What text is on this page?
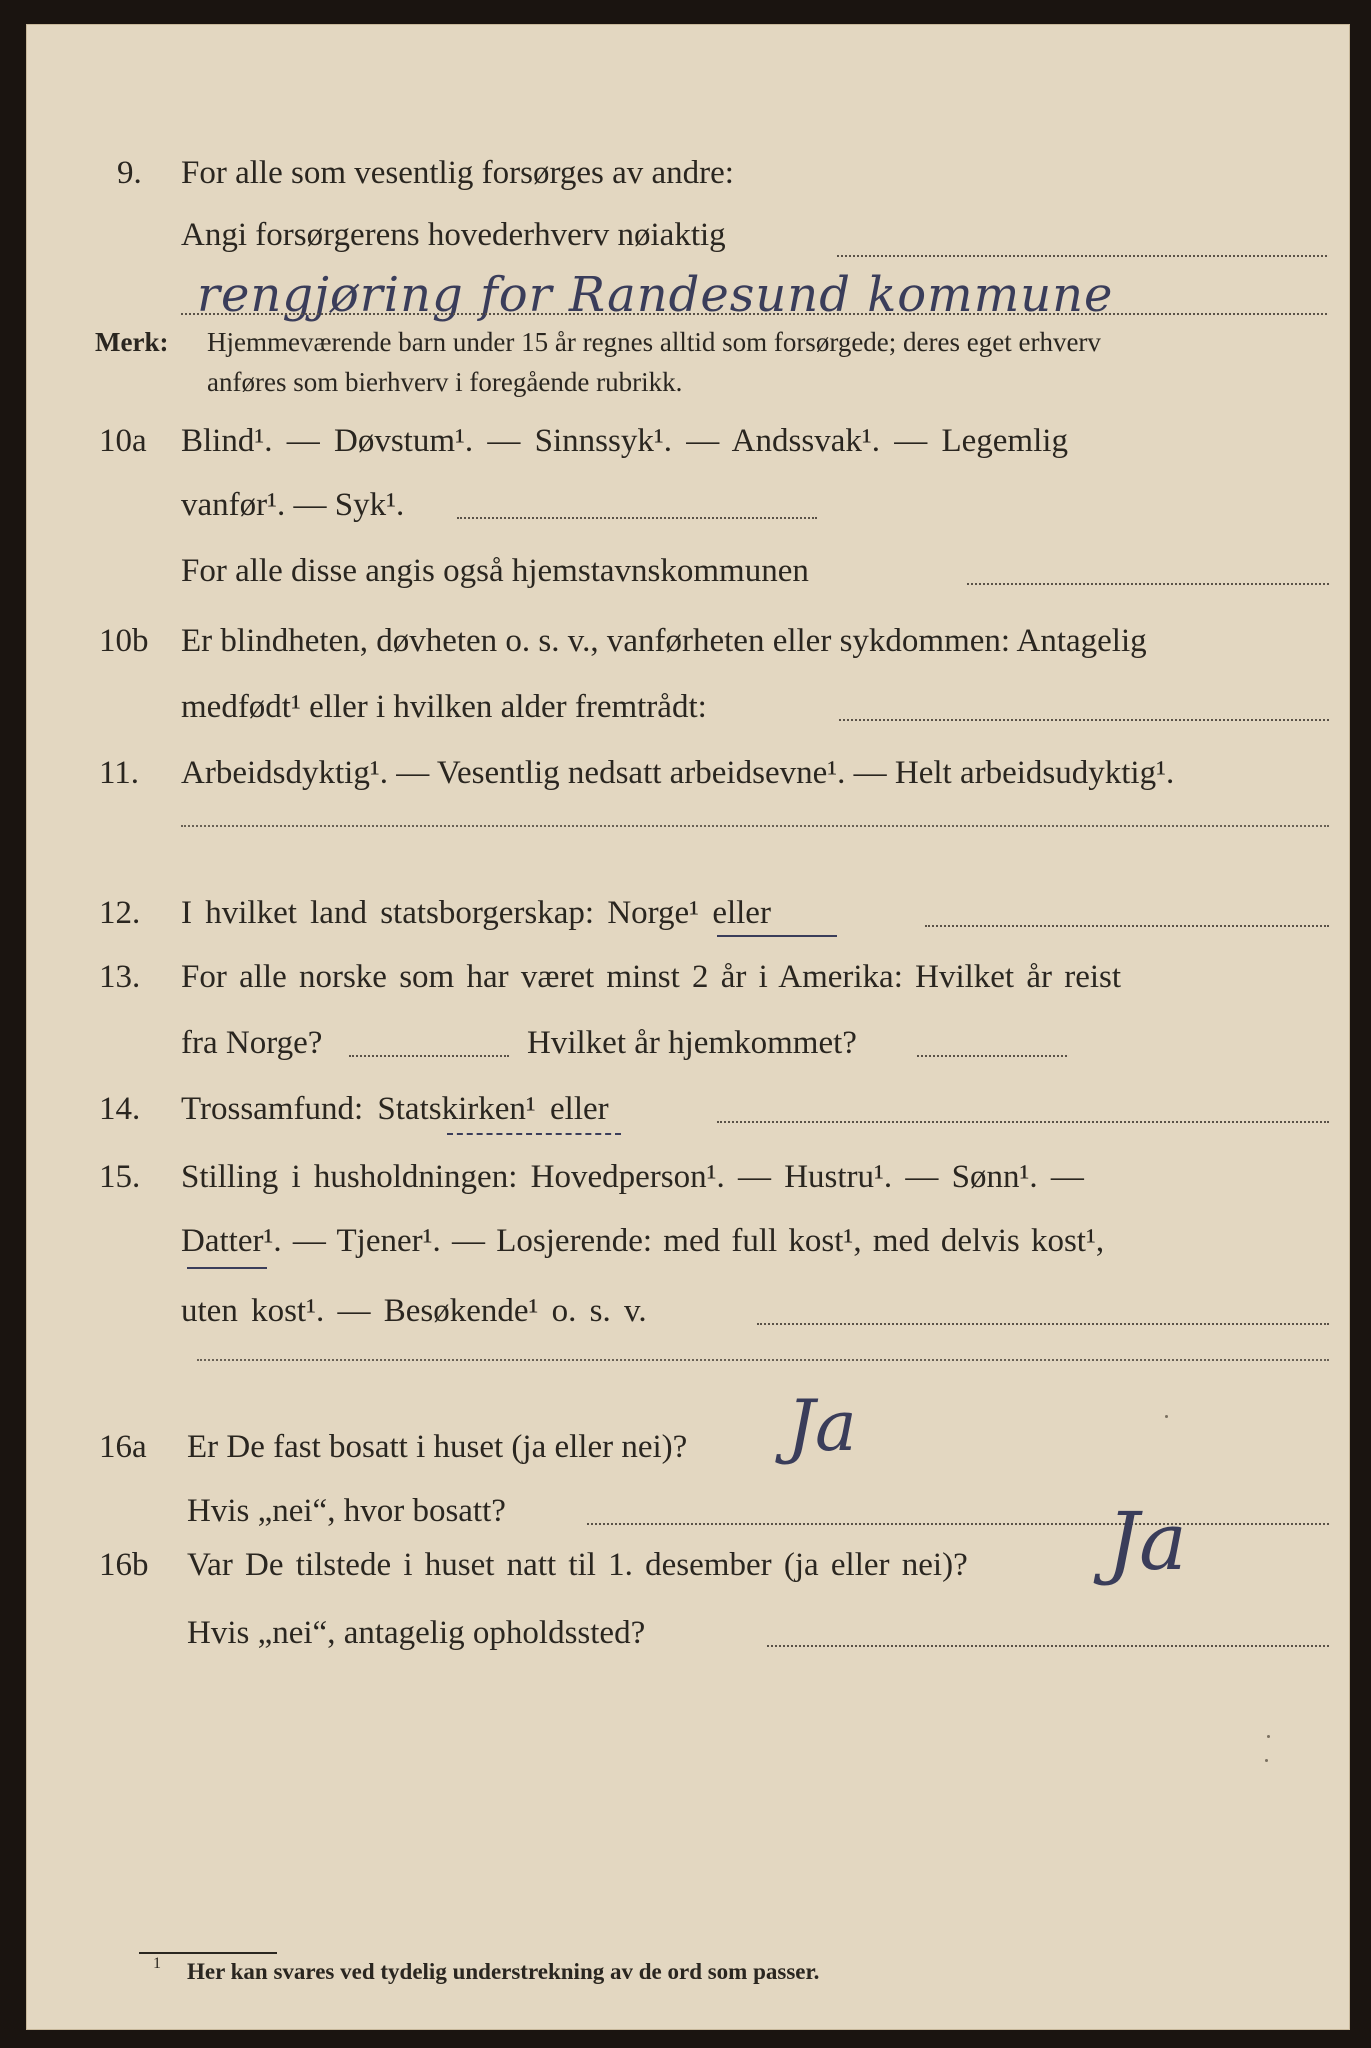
9. For alle som vesentlig forsørges av andre:
Angi forsørgerens hovederhverv nøiaktig
rengjøring for Randesund kommune
Merk: Hjemmeværende barn under 15 år regnes alltid som forsørgede; deres eget erhverv
anføres som bierhverv i foregående rubrikk.
10a Blind¹. — Døvstum¹. — Sinnssyk¹. — Andssvak¹. — Legemlig
vanfør¹. — Syk¹.
For alle disse angis også hjemstavnskommunen
10b Er blindheten, døvheten o. s. v., vanførheten eller sykdommen: Antagelig
medfødt¹ eller i hvilken alder fremtrådt:
11. Arbeidsdyktig¹. — Vesentlig nedsatt arbeidsevne¹. — Helt arbeidsudyktig¹.
12. I hvilket land statsborgerskap: Norge¹ eller
13. For alle norske som har været minst 2 år i Amerika: Hvilket år reist
fra Norge?	Hvilket år hjemkommet?
14. Trossamfund: Statskirken¹ eller
15. Stilling i husholdningen: Hovedperson¹. — Hustru¹. — Sønn¹. —
Datter¹. — Tjener¹. — Losjerende: med full kost¹, med delvis kost¹,
uten kost¹. — Besøkende¹ o. s. v.
16a Er De fast bosatt i huset (ja eller nei)? Ja
Hvis „nei“, hvor bosatt?
16b Var De tilstede i huset natt til 1. desember (ja eller nei)? Ja
Hvis „nei“, antagelig opholdssted?
1 Her kan svares ved tydelig understrekning av de ord som passer.
